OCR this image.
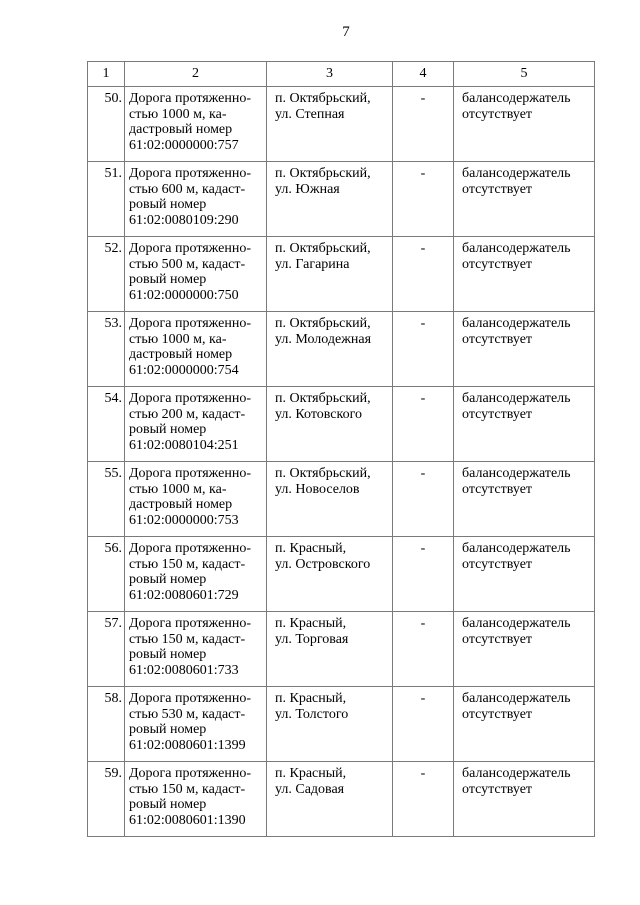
7
1	2	3	4	5
50.	Дорога протяженно-
стью 1000 м, ка-
дастровый номер
61:02:0000000:757	п. Октябрьский,
ул. Степная	-	балансодержатель
отсутствует

51.	Дорога протяженно-
стью 600 м, кадаст-
ровый номер
61:02:0080109:290	п. Октябрьский,
ул. Южная	-	балансодержатель
отсутствует

52.	Дорога протяженно-
стью 500 м, кадаст-
ровый номер
61:02:0000000:750	п. Октябрьский,
ул. Гагарина	-	балансодержатель
отсутствует

53.	Дорога протяженно-
стью 1000 м, ка-
дастровый номер
61:02:0000000:754	п. Октябрьский,
ул. Молодежная	-	балансодержатель
отсутствует

54.	Дорога протяженно-
стью 200 м, кадаст-
ровый номер
61:02:0080104:251	п. Октябрьский,
ул. Котовского	-	балансодержатель
отсутствует

55.	Дорога протяженно-
стью 1000 м, ка-
дастровый номер
61:02:0000000:753	п. Октябрьский,
ул. Новоселов	-	балансодержатель
отсутствует

56.	Дорога протяженно-
стью 150 м, кадаст-
ровый номер
61:02:0080601:729	п. Красный,
ул. Островского	-	балансодержатель
отсутствует

57.	Дорога протяженно-
стью 150 м, кадаст-
ровый номер
61:02:0080601:733	п. Красный,
ул. Торговая	-	балансодержатель
отсутствует

58.	Дорога протяженно-
стью 530 м, кадаст-
ровый номер
61:02:0080601:1399	п. Красный,
ул. Толстого	-	балансодержатель
отсутствует

59.	Дорога протяженно-
стью 150 м, кадаст-
ровый номер
61:02:0080601:1390	п. Красный,
ул. Садовая	-	балансодержатель
отсутствует
